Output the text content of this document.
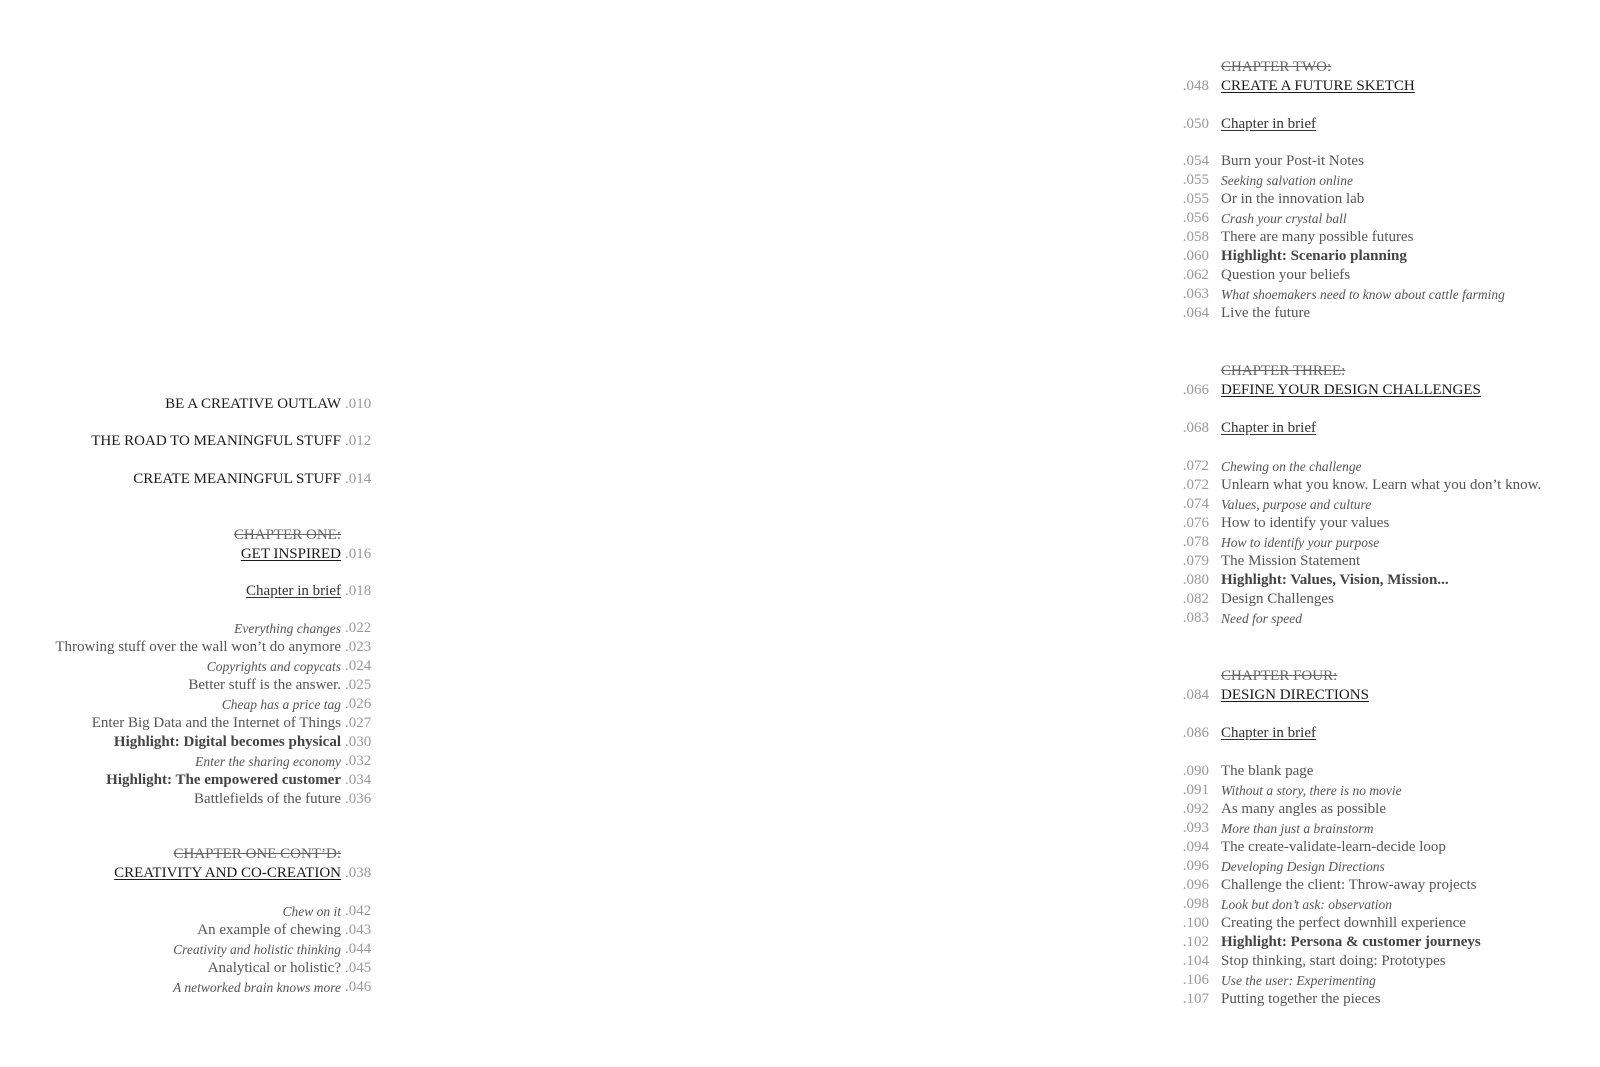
BE A CREATIVE OUTLAW .010
THE ROAD TO MEANINGFUL STUFF .012
CREATE MEANINGFUL STUFF .014
CHAPTER ONE:
GET INSPIRED .016
Chapter in brief .018
Everything changes .022
Throwing stuff over the wall won’t do anymore .023
Copyrights and copycats .024
Better stuff is the answer. .025
Cheap has a price tag .026
Enter Big Data and the Internet of Things .027
Highlight: Digital becomes physical .030
Enter the sharing economy .032
Highlight: The empowered customer .034
Battlefields of the future .036
CHAPTER ONE CONT’D:
CREATIVITY AND CO-CREATION .038
Chew on it .042
An example of chewing .043
Creativity and holistic thinking .044
Analytical or holistic? .045
A networked brain knows more .046
CHAPTER TWO:
CREATE A FUTURE SKETCH
.048
Chapter in brief
.050
Burn your Post-it Notes
.054
Seeking salvation online
.055
Or in the innovation lab
.055
Crash your crystal ball
.056
There are many possible futures
.058
Highlight: Scenario planning
.060
Question your beliefs
.062
What shoemakers need to know about cattle farming
.063
Live the future
.064
CHAPTER THREE:
DEFINE YOUR DESIGN CHALLENGES
.066
Chapter in brief
.068
Chewing on the challenge
.072
Unlearn what you know. Learn what you don’t know.
.072
Values, purpose and culture
.074
How to identify your values
.076
How to identify your purpose
.078
The Mission Statement
.079
Highlight: Values, Vision, Mission...
.080
Design Challenges
.082
Need for speed
.083
CHAPTER FOUR:
DESIGN DIRECTIONS
.084
Chapter in brief
.086
The blank page
.090
Without a story, there is no movie
.091
As many angles as possible
.092
More than just a brainstorm
.093
The create-validate-learn-decide loop
.094
Developing Design Directions
.096
Challenge the client: Throw-away projects
.096
Look but don’t ask: observation
.098
Creating the perfect downhill experience
.100
Highlight: Persona & customer journeys
.102
Stop thinking, start doing: Prototypes
.104
Use the user: Experimenting
.106
Putting together the pieces
.107
